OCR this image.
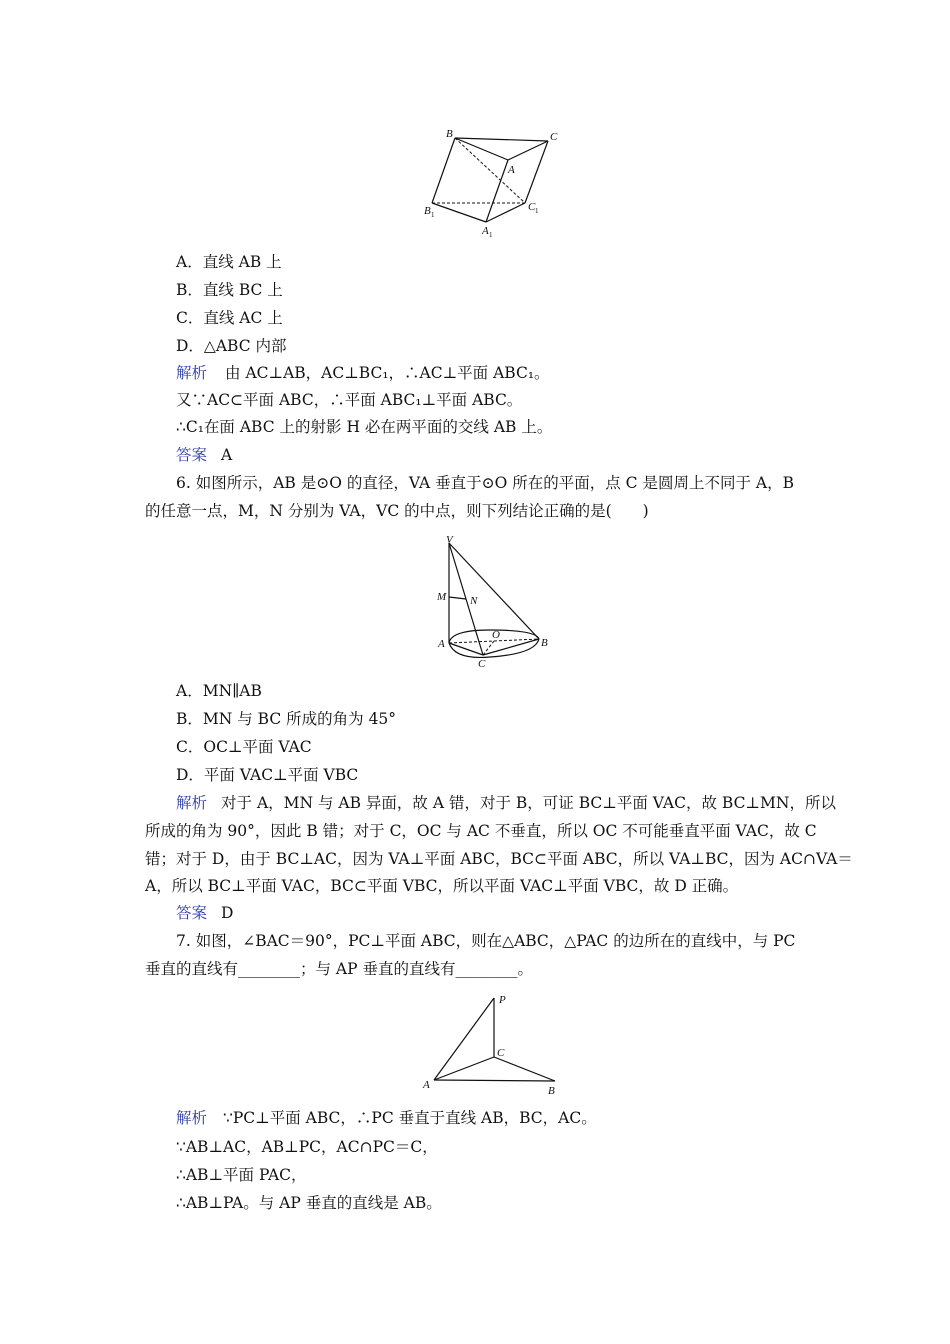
B	C
A
B 1
C 1
A 1
A．直线 AB 上
B．直线 BC 上
C．直线 AC 上
D．△ABC 内部
解析 由 AC⊥AB，AC⊥BC₁，∴AC⊥平面 ABC₁。
又∵AC⊂平面 ABC，∴平面 ABC₁⊥平面 ABC。
∴C₁在面 ABC 上的射影 H 必在两平面的交线 AB 上。
答案 A
6. 如图所示，AB 是⊙O 的直径，VA 垂直于⊙O 所在的平面，点 C 是圆周上不同于 A，B
的任意一点，M，N 分别为 VA，VC 的中点，则下列结论正确的是(　　)
V
M N
O
A	B
C
A．MN∥AB
B．MN 与 BC 所成的角为 45°
C．OC⊥平面 VAC
D．平面 VAC⊥平面 VBC
解析 对于 A，MN 与 AB 异面，故 A 错，对于 B，可证 BC⊥平面 VAC，故 BC⊥MN，所以
所成的角为 90°，因此 B 错；对于 C，OC 与 AC 不垂直，所以 OC 不可能垂直平面 VAC，故 C
错；对于 D，由于 BC⊥AC，因为 VA⊥平面 ABC，BC⊂平面 ABC，所以 VA⊥BC，因为 AC∩VA＝
A，所以 BC⊥平面 VAC，BC⊂平面 VBC，所以平面 VAC⊥平面 VBC，故 D 正确。
答案 D
7. 如图，∠BAC＝90°，PC⊥平面 ABC，则在△ABC，△PAC 的边所在的直线中，与 PC
垂直的直线有________；与 AP 垂直的直线有________。
P
C
A	B
解析 ∵PC⊥平面 ABC，∴PC 垂直于直线 AB，BC，AC。
∵AB⊥AC，AB⊥PC，AC∩PC＝C，
∴AB⊥平面 PAC，
∴AB⊥PA。与 AP 垂直的直线是 AB。
